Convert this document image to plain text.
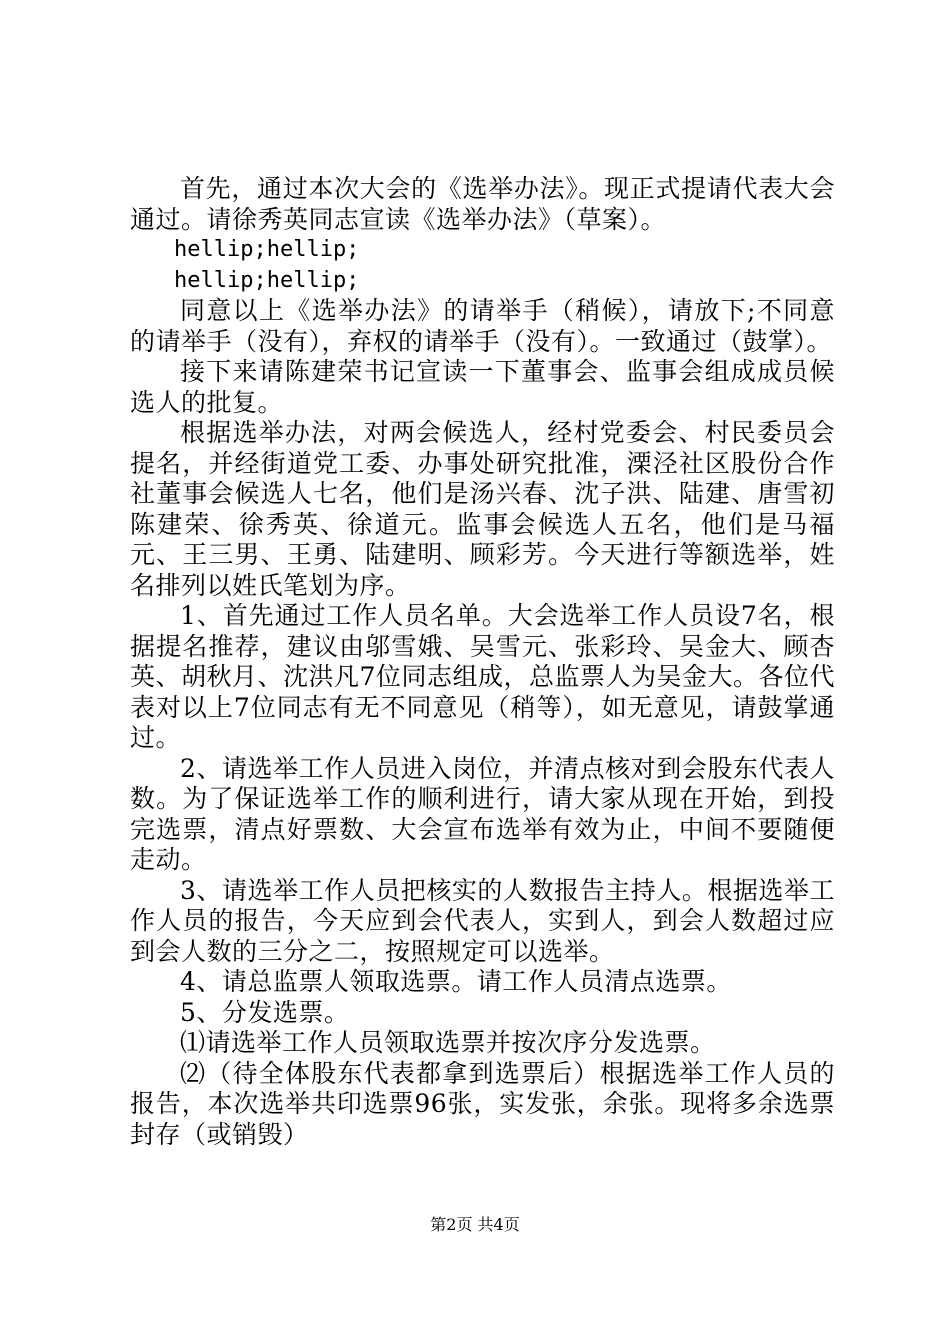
首先，通过本次大会的《选举办法》。现正式提请代表大会通过。请徐秀英同志宣读《选举办法》（草案）。

hellip;hellip;

hellip;hellip;

同意以上《选举办法》的请举手（稍候），请放下;不同意的请举手（没有），弃权的请举手（没有）。一致通过（鼓掌）。

接下来请陈建荣书记宣读一下董事会、监事会组成成员候选人的批复。

根据选举办法，对两会候选人，经村党委会、村民委员会提名，并经街道党工委、办事处研究批准，溧泾社区股份合作社董事会候选人七名，他们是汤兴春、沈子洪、陆建、唐雪初陈建荣、徐秀英、徐道元。监事会候选人五名，他们是马福元、王三男、王勇、陆建明、顾彩芳。今天进行等额选举，姓名排列以姓氏笔划为序。

1、首先通过工作人员名单。大会选举工作人员设7名，根据提名推荐，建议由邬雪娥、吴雪元、张彩玲、吴金大、顾杏英、胡秋月、沈洪凡7位同志组成，总监票人为吴金大。各位代表对以上7位同志有无不同意见（稍等），如无意见，请鼓掌通过。

2、请选举工作人员进入岗位，并清点核对到会股东代表人数。为了保证选举工作的顺利进行，请大家从现在开始，到投完选票，清点好票数、大会宣布选举有效为止，中间不要随便走动。

3、请选举工作人员把核实的人数报告主持人。根据选举工作人员的报告，今天应到会代表人，实到人，到会人数超过应到会人数的三分之二，按照规定可以选举。

4、请总监票人领取选票。请工作人员清点选票。

5、分发选票。

⑴请选举工作人员领取选票并按次序分发选票。

⑵（待全体股东代表都拿到选票后）根据选举工作人员的报告，本次选举共印选票96张，实发张，余张。现将多余选票封存（或销毁）

第2页 共4页
